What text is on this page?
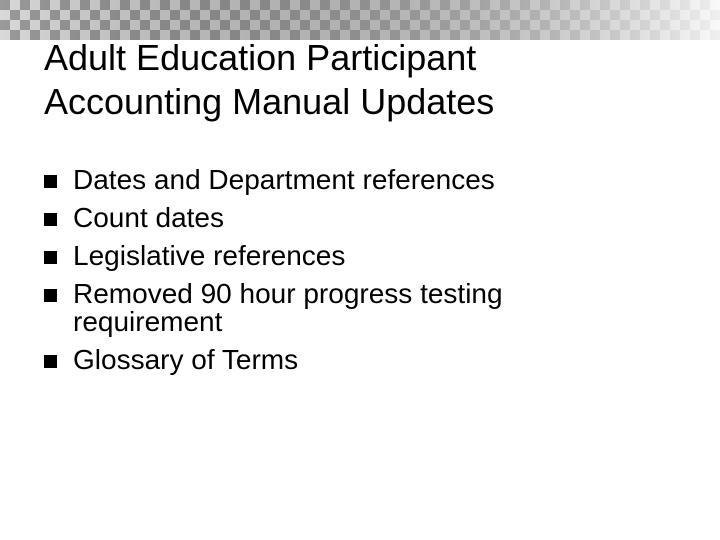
Adult Education Participant
Accounting Manual Updates
Dates and Department references
Count dates
Legislative references
Removed 90 hour progress testing
requirement
Glossary of Terms
